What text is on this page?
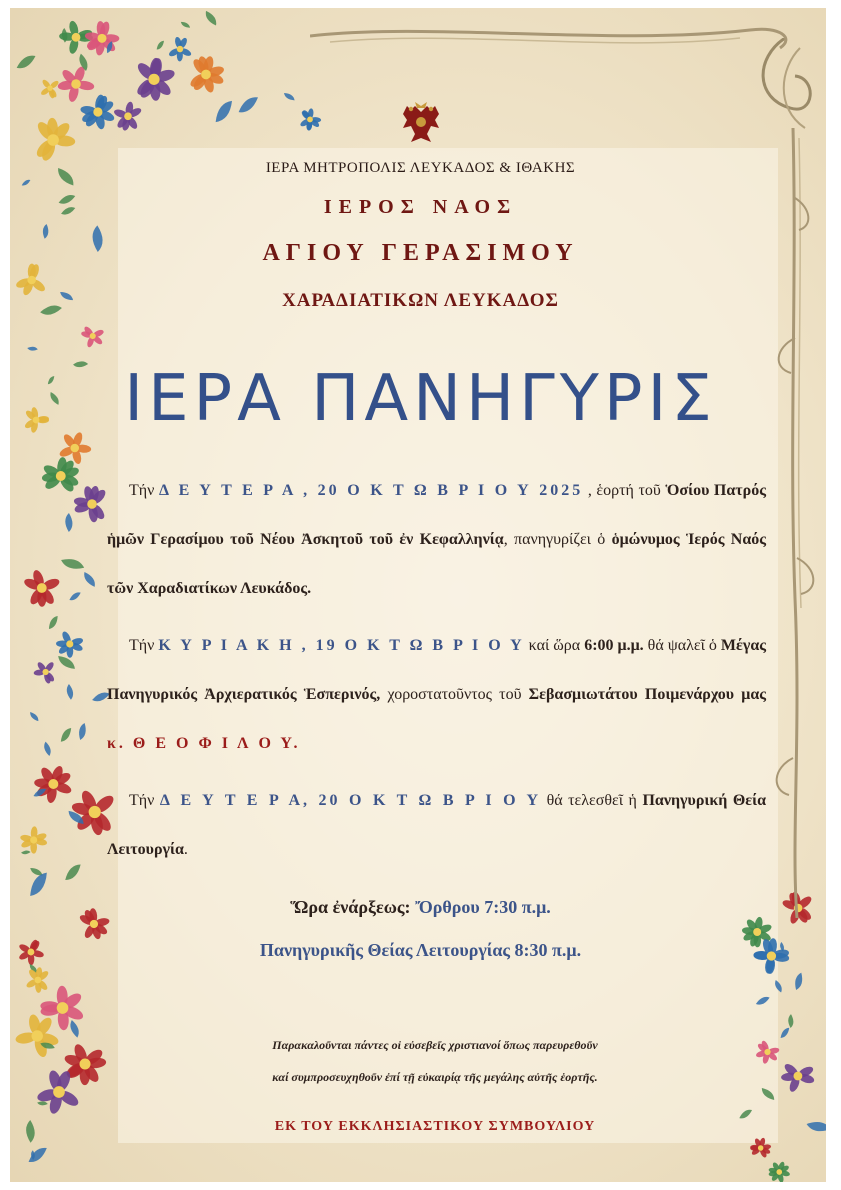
ΙΕΡΑ ΜΗΤΡΟΠΟΛΙΣ ΛΕΥΚΑΔΟΣ & ΙΘΑΚΗΣ
ΙΕΡΟΣ ΝΑΟΣ
ΑΓΙΟΥ ΓΕΡΑΣΙΜΟΥ
ΧΑΡΑΔΙΑΤΙΚΩΝ ΛΕΥΚΑΔΟΣ
ΙΕΡΑ ΠΑΝΗΓΥΡΙΣ
Τήν Δ Ε Υ Τ Ε Ρ Α , 20 Ο Κ Τ Ω Β Ρ Ι Ο Υ 2025 , ἑορτή τοῦ Ὁσίου Πατρός ἡμῶν Γερασίμου τοῦ Νέου Ἀσκητοῦ τοῦ ἐν Κεφαλληνίᾳ, πανηγυρίζει ὁ ὁμώνυμος Ἱερός Ναός τῶν Χαραδιατίκων Λευκάδος.
Τήν Κ Υ Ρ Ι Α Κ Η , 19 Ο Κ Τ Ω Β Ρ Ι Ο Υ καί ὥρα 6:00 μ.μ. θά ψαλεῖ ὁ Μέγας Πανηγυρικός Ἀρχιερατικός Ἑσπερινός, χοροστατοῦντος τοῦ Σεβασμιωτάτου Ποιμενάρχου μας κ. Θ Ε Ο Φ Ι Λ Ο Υ.
Τήν Δ Ε Υ Τ Ε Ρ Α, 20 Ο Κ Τ Ω Β Ρ Ι Ο Υ θά τελεσθεῖ ἡ Πανηγυρική Θεία Λειτουργία.
Ὥρα ἐνάρξεως: Ὄρθρου 7:30 π.μ.
Πανηγυρικῆς Θείας Λειτουργίας 8:30 π.μ.
Παρακαλοῦνται πάντες οἱ εὐσεβεῖς χριστιανοί ὅπως παρευρεθοῦν
καί συμπροσευχηθοῦν ἐπί τῇ εὐκαιρίᾳ τῆς μεγάλης αὐτῆς ἑορτῆς.
ΕΚ ΤΟΥ ΕΚΚΛΗΣΙΑΣΤΙΚΟΥ ΣΥΜΒΟΥΛΙΟΥ
